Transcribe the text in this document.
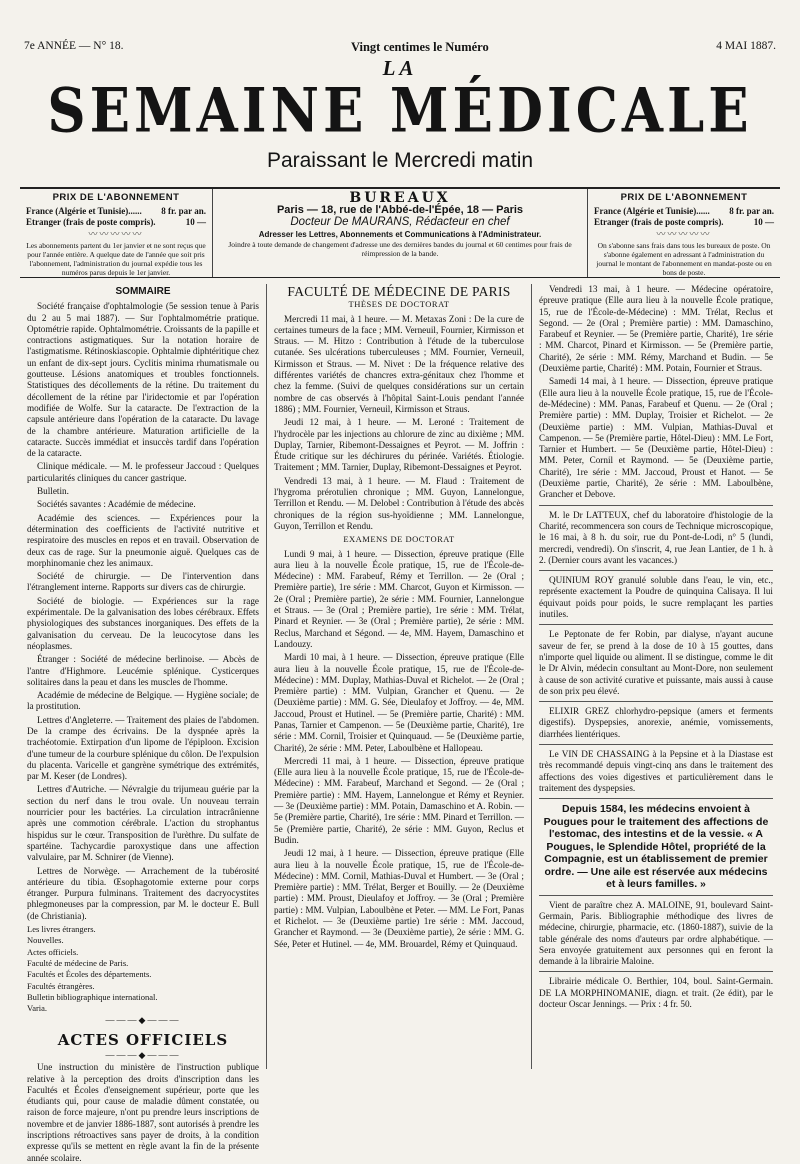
7e ANNÉE — N° 18.	Vingt centimes le Numéro	4 MAI 1887.
LA
SEMAINE MÉDICALE
Paraissant le Mercredi matin
PRIX DE L'ABONNEMENT
France (Algérie et Tunisie)...... 8 fr. par an.
Etranger (frais de poste compris).	10 —
〰〰〰〰〰
Les abonnements partent du 1er janvier et ne sont reçus que pour l'année entière. A quelque date de l'année que soit pris l'abonnement, l'administration du journal expédie tous les numéros parus depuis le 1er janvier.
BUREAUX
Paris — 18, rue de l'Abbé-de-l'Épée, 18 — Paris
Docteur De MAURANS, Rédacteur en chef
Adresser les Lettres, Abonnements et Communications à l'Administrateur.
Joindre à toute demande de changement d'adresse une des dernières bandes du journal et 60 centimes pour frais de réimpression de la bande.
PRIX DE L'ABONNEMENT
France (Algérie et Tunisie)...... 8 fr. par an.
Etranger (frais de poste compris).	10 —
〰〰〰〰〰
On s'abonne sans frais dans tous les bureaux de poste. On s'abonne également en adressant à l'administration du journal le montant de l'abonnement en mandat-poste ou en bons de poste.
SOMMAIRE

Société française d'ophtalmologie (5e session tenue à Paris du 2 au 5 mai 1887). — Sur l'ophtalmométrie pratique. Optométrie rapide. Ophtalmométrie. Croissants de la papille et contractions astigmatiques. Sur la notation horaire de l'astigmatisme. Rétinoskiascopie. Ophtalmie diphtéritique chez un enfant de dix-sept jours. Cyclitis minima rhumatismale ou goutteuse. Lésions anatomiques et troubles fonctionnels. Statistiques des décollements de la rétine. Du traitement du décollement de la rétine par l'iridectomie et par l'opération modifiée de Wolfe. Sur la cataracte. De l'extraction de la capsule antérieure dans l'opération de la cataracte. Du lavage de la chambre antérieure. Maturation artificielle de la cataracte. Succès immédiat et insuccès tardif dans l'opération de la cataracte.

Clinique médicale. — M. le professeur Jaccoud : Quelques particularités cliniques du cancer gastrique.

Bulletin.

Sociétés savantes : Académie de médecine.

Académie des sciences. — Expériences pour la détermination des coefficients de l'activité nutritive et respiratoire des muscles en repos et en travail. Observation de deux cas de rage. Sur la pneumonie aiguë. Quelques cas de morphinomanie chez les animaux.

Société de chirurgie. — De l'intervention dans l'étranglement interne. Rapports sur divers cas de chirurgie.

Société de biologie. — Expériences sur la rage expérimentale. De la galvanisation des lobes cérébraux. Effets physiologiques des substances inorganiques. Des effets de la galvanisation du cerveau. De la leucocytose dans les néoplasmes.

Étranger : Société de médecine berlinoise. — Abcès de l'antre d'Highmore. Leucémie splénique. Cysticerques solitaires dans la peau et dans les muscles de l'homme.

Académie de médecine de Belgique. — Hygiène sociale; de la prostitution.

Lettres d'Angleterre. — Traitement des plaies de l'abdomen. De la crampe des écrivains. De la dyspnée après la trachéotomie. Extirpation d'un lipome de l'épiploon. Excision d'une tumeur de la courbure splénique du côlon. De l'expulsion du placenta. Varicelle et gangrène symétrique des extrémités, par M. Keser (de Londres).

Lettres d'Autriche. — Névralgie du trijumeau guérie par la section du nerf dans le trou ovale. Un nouveau terrain nourricier pour les bactéries. La circulation intracrânienne après une commotion cérébrale. L'action du strophantus hispidus sur le cœur. Transposition de l'urèthre. Du sulfate de spartéine. Tachycardie paroxystique dans une affection valvulaire, par M. Schnirer (de Vienne).

Lettres de Norwège. — Arrachement de la tubérosité antérieure du tibia. Œsophagotomie externe pour corps étranger. Purpura fulminans. Traitement des dacryocystites phlegmoneuses par la compression, par M. le docteur E. Bull (de Christiania).

Les livres étrangers.
Nouvelles.
Actes officiels.
Faculté de médecine de Paris.
Facultés et Écoles des départements.
Facultés étrangères.
Bulletin bibliographique international.
Varia.
———◆———
ACTES OFFICIELS
———◆———

Une instruction du ministère de l'instruction publique relative à la perception des droits d'inscription dans les Facultés et Écoles d'enseignement supérieur, porte que les étudiants qui, pour cause de maladie dûment constatée, ou raison de force majeure, n'ont pu prendre leurs inscriptions de novembre et de janvier 1886-1887, sont autorisés à prendre les inscriptions rétroactives sans payer de droits, à la condition expresse qu'ils se mettent en règle avant la fin de la présente année scolaire.

FACULTÉ DE MÉDECINE DE PARIS
THÈSES DE DOCTORAT

Mercredi 11 mai, à 1 heure. — M. Metaxas Zoni : De la cure de certaines tumeurs de la face ; MM. Verneuil, Fournier, Kirmisson et Straus. — M. Hitzo : Contribution à l'étude de la tuberculose cutanée. Ses ulcérations tuberculeuses ; MM. Fournier, Verneuil, Kirmisson et Straus. — M. Nivet : De la fréquence relative des différentes variétés de chancres extra-génitaux chez l'homme et chez la femme. (Suivi de quelques considérations sur un certain nombre de cas observés à l'hôpital Saint-Louis pendant l'année 1886) ; MM. Fournier, Verneuil, Kirmisson et Straus.

Jeudi 12 mai, à 1 heure. — M. Leroné : Traitement de l'hydrocèle par les injections au chlorure de zinc au dixième ; MM. Duplay, Tarnier, Ribemont-Dessaignes et Peyrot. — M. Joffrin : Étude critique sur les déchirures du périnée. Variétés. Étiologie. Traitement ; MM. Tarnier, Duplay, Ribemont-Dessaignes et Peyrot.

Vendredi 13 mai, à 1 heure. — M. Flaud : Traitement de l'hygroma prérotulien chronique ; MM. Guyon, Lannelongue, Terrillon et Rendu. — M. Delobel : Contribution à l'étude des abcès chroniques de la région sus-hyoïdienne ; MM. Lannelongue, Guyon, Terrillon et Rendu.

EXAMENS DE DOCTORAT

Lundi 9 mai, à 1 heure. — Dissection, épreuve pratique (Elle aura lieu à la nouvelle École pratique, 15, rue de l'École-de-Médecine) : MM. Farabeuf, Rémy et Terrillon. — 2e (Oral ; Première partie), 1re série : MM. Charcot, Guyon et Kirmisson. — 2e (Oral ; Première partie), 2e série : MM. Fournier, Lannelongue et Straus. — 3e (Oral ; Première partie), 1re série : MM. Trélat, Pinard et Reynier. — 3e (Oral ; Première partie), 2e série : MM. Reclus, Marchand et Ségond. — 4e, MM. Hayem, Damaschino et Landouzy.

Mardi 10 mai, à 1 heure. — Dissection, épreuve pratique (Elle aura lieu à la nouvelle École pratique, 15, rue de l'École-de-Médecine) : MM. Duplay, Mathias-Duval et Richelot. — 2e (Oral ; Première partie) : MM. Vulpian, Grancher et Quenu. — 2e (Deuxième partie) : MM. G. Sée, Dieulafoy et Joffroy. — 4e, MM. Jaccoud, Proust et Hutinel. — 5e (Première partie, Charité) : MM. Panas, Tarnier et Campenon. — 5e (Deuxième partie, Charité), 1re série : MM. Cornil, Troisier et Quinquaud. — 5e (Deuxième partie, Charité), 2e série : MM. Peter, Laboulbène et Hallopeau.

Mercredi 11 mai, à 1 heure. — Dissection, épreuve pratique (Elle aura lieu à la nouvelle École pratique, 15, rue de l'École-de-Médecine) : MM. Farabeuf, Marchand et Segond. — 2e (Oral ; Première partie) : MM. Hayem, Lannelongue et Rémy et Reynier. — 3e (Deuxième partie) : MM. Potain, Damaschino et A. Robin. — 5e (Première partie, Charité), 1re série : MM. Pinard et Terrillon. — 5e (Première partie, Charité), 2e série : MM. Guyon, Reclus et Budin.

Jeudi 12 mai, à 1 heure. — Dissection, épreuve pratique (Elle aura lieu à la nouvelle École pratique, 15, rue de l'École-de-Médecine) : MM. Cornil, Mathias-Duval et Humbert. — 3e (Oral ; Première partie) : MM. Trélat, Berger et Bouilly. — 2e (Deuxième partie) : MM. Proust, Dieulafoy et Joffroy. — 3e (Oral ; Première partie) : MM. Vulpian, Laboulbène et Peter. — MM. Le Fort, Panas et Richelot. — 3e (Deuxième partie) 1re série : MM. Jaccoud, Grancher et Raymond. — 3e (Deuxième partie), 2e série : MM. G. Sée, Peter et Hutinel. — 4e, MM. Brouardel, Rémy et Quinquaud.

Vendredi 13 mai, à 1 heure. — Médecine opératoire, épreuve pratique (Elle aura lieu à la nouvelle École pratique, 15, rue de l'École-de-Médecine) : MM. Trélat, Reclus et Segond. — 2e (Oral ; Première partie) : MM. Damaschino, Farabeuf et Reynier. — 5e (Première partie, Charité), 1re série : MM. Charcot, Pinard et Kirmisson. — 5e (Première partie, Charité), 2e série : MM. Rémy, Marchand et Budin. — 5e (Deuxième partie, Charité) : MM. Potain, Fournier et Straus.

Samedi 14 mai, à 1 heure. — Dissection, épreuve pratique (Elle aura lieu à la nouvelle École pratique, 15, rue de l'École-de-Médecine) : MM. Panas, Farabeuf et Quenu. — 2e (Oral ; Première partie) : MM. Duplay, Troisier et Richelot. — 2e (Deuxième partie) : MM. Vulpian, Mathias-Duval et Campenon. — 5e (Première partie, Hôtel-Dieu) : MM. Le Fort, Tarnier et Humbert. — 5e (Deuxième partie, Hôtel-Dieu) : MM. Peter, Cornil et Raymond. — 5e (Deuxième partie, Charité), 1re série : MM. Jaccoud, Proust et Hanot. — 5e (Deuxième partie, Charité), 2e série : MM. Laboulbène, Grancher et Debove.

M. le Dr LATTEUX, chef du laboratoire d'histologie de la Charité, recommencera son cours de Technique microscopique, le 16 mai, à 8 h. du soir, rue du Pont-de-Lodi, n° 5 (lundi, mercredi, vendredi). On s'inscrit, 4, rue Jean Lantier, de 1 h. à 2. (Dernier cours avant les vacances.)

QUINIUM ROY granulé soluble dans l'eau, le vin, etc., représente exactement la Poudre de quinquina Calisaya. Il lui équivaut poids pour poids, le sucre remplaçant les parties inutiles.

Le Peptonate de fer Robin, par dialyse, n'ayant aucune saveur de fer, se prend à la dose de 10 à 15 gouttes, dans n'importe quel liquide ou aliment. Il se distingue, comme le dit le Dr Alvin, médecin consultant au Mont-Dore, non seulement à cause de son activité curative et puissante, mais aussi à cause de son prix peu élevé.

ELIXIR GREZ chlorhydro-pepsique (amers et ferments digestifs). Dyspepsies, anorexie, anémie, vomissements, diarrhées lientériques.

Le VIN DE CHASSAING à la Pepsine et à la Diastase est très recommandé depuis vingt-cinq ans dans le traitement des affections des voies digestives et particulièrement dans le traitement des dyspepsies.

Depuis 1584, les médecins envoient à Pougues pour le traitement des affections de l'estomac, des intestins et de la vessie. « A Pougues, le Splendide Hôtel, propriété de la Compagnie, est un établissement de premier ordre. — Une aile est réservée aux médecins et à leurs familles. »

Vient de paraître chez A. MALOINE, 91, boulevard Saint-Germain, Paris. Bibliographie méthodique des livres de médecine, chirurgie, pharmacie, etc. (1860-1887), suivie de la table générale des noms d'auteurs par ordre alphabétique. — Sera envoyée gratuitement aux personnes qui en feront la demande à la librairie Maloine.

Librairie médicale O. Berthier, 104, boul. Saint-Germain. DE LA MORPHINOMANIE, diagn. et trait. (2e édit), par le docteur Oscar Jennings. — Prix : 4 fr. 50.
